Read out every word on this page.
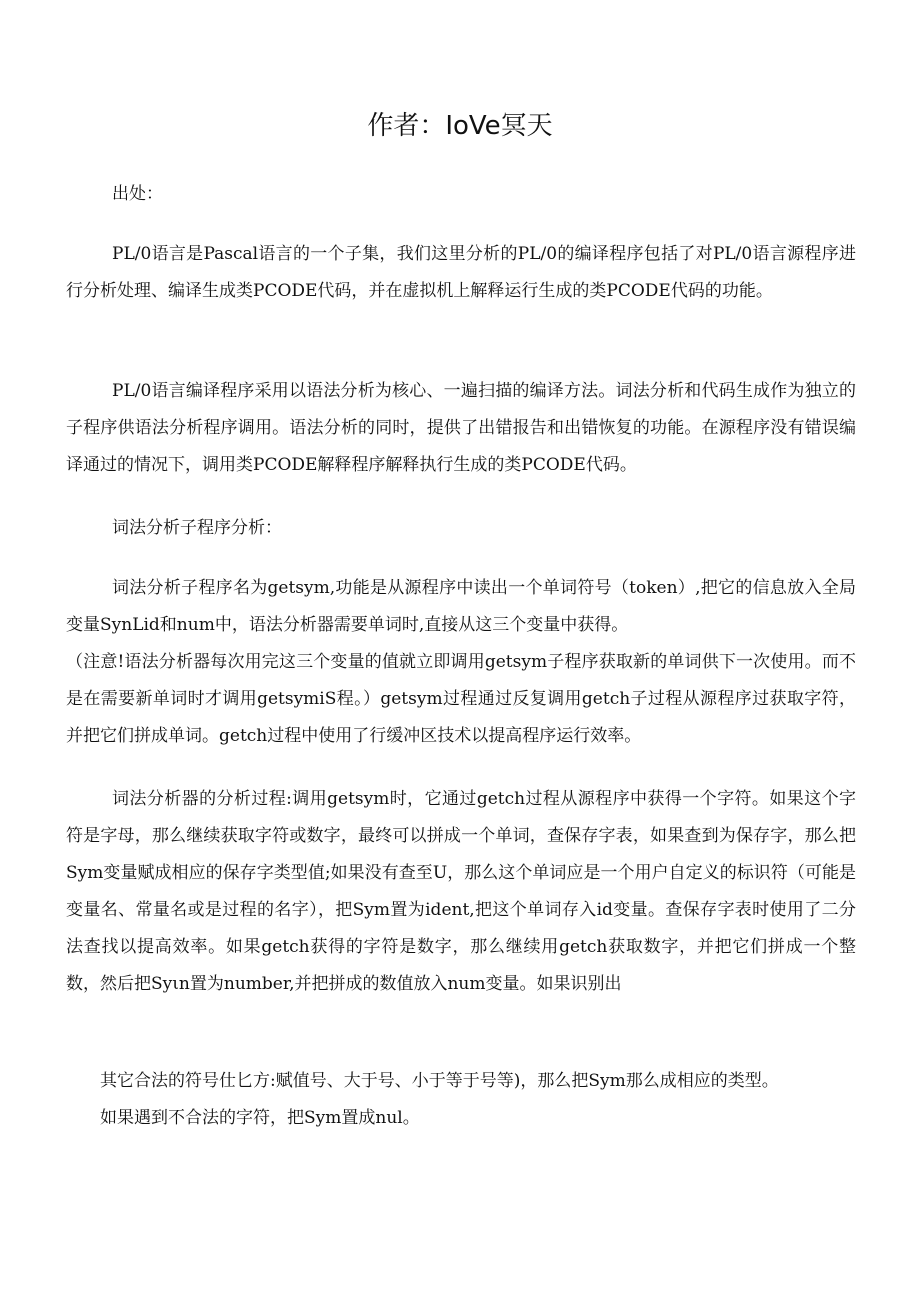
作者：IoVe冥天

出处：

PL/0语言是Pascal语言的一个子集，我们这里分析的PL/0的编译程序包括了对PL/0语言源程序进行分析处理、编译生成类PCODE代码，并在虚拟机上解释运行生成的类PCODE代码的功能。

PL/0语言编译程序采用以语法分析为核心、一遍扫描的编译方法。词法分析和代码生成作为独立的子程序供语法分析程序调用。语法分析的同时，提供了出错报告和出错恢复的功能。在源程序没有错误编译通过的情况下，调用类PCODE解释程序解释执行生成的类PCODE代码。

词法分析子程序分析：

词法分析子程序名为getsym,功能是从源程序中读出一个单词符号（token）,把它的信息放入全局变量SynLid和num中，语法分析器需要单词时,直接从这三个变量中获得。

（注意!语法分析器每次用完这三个变量的值就立即调用getsym子程序获取新的单词供下一次使用。而不是在需要新单词时才调用getsymiS程。）getsym过程通过反复调用getch子过程从源程序过获取字符，并把它们拼成单词。getch过程中使用了行缓冲区技术以提高程序运行效率。

词法分析器的分析过程:调用getsym时，它通过getch过程从源程序中获得一个字符。如果这个字符是字母，那么继续获取字符或数字，最终可以拼成一个单词，查保存字表，如果查到为保存字，那么把Sym变量赋成相应的保存字类型值;如果没有查至U，那么这个单词应是一个用户自定义的标识符（可能是变量名、常量名或是过程的名字），把Sym置为ident,把这个单词存入id变量。查保存字表时使用了二分法查找以提高效率。如果getch获得的字符是数字，那么继续用getch获取数字，并把它们拼成一个整数，然后把Syιn置为number,并把拼成的数值放入num变量。如果识别出

其它合法的符号仕匕方:赋值号、大于号、小于等于号等)，那么把Sym那么成相应的类型。

如果遇到不合法的字符，把Sym置成nul。
